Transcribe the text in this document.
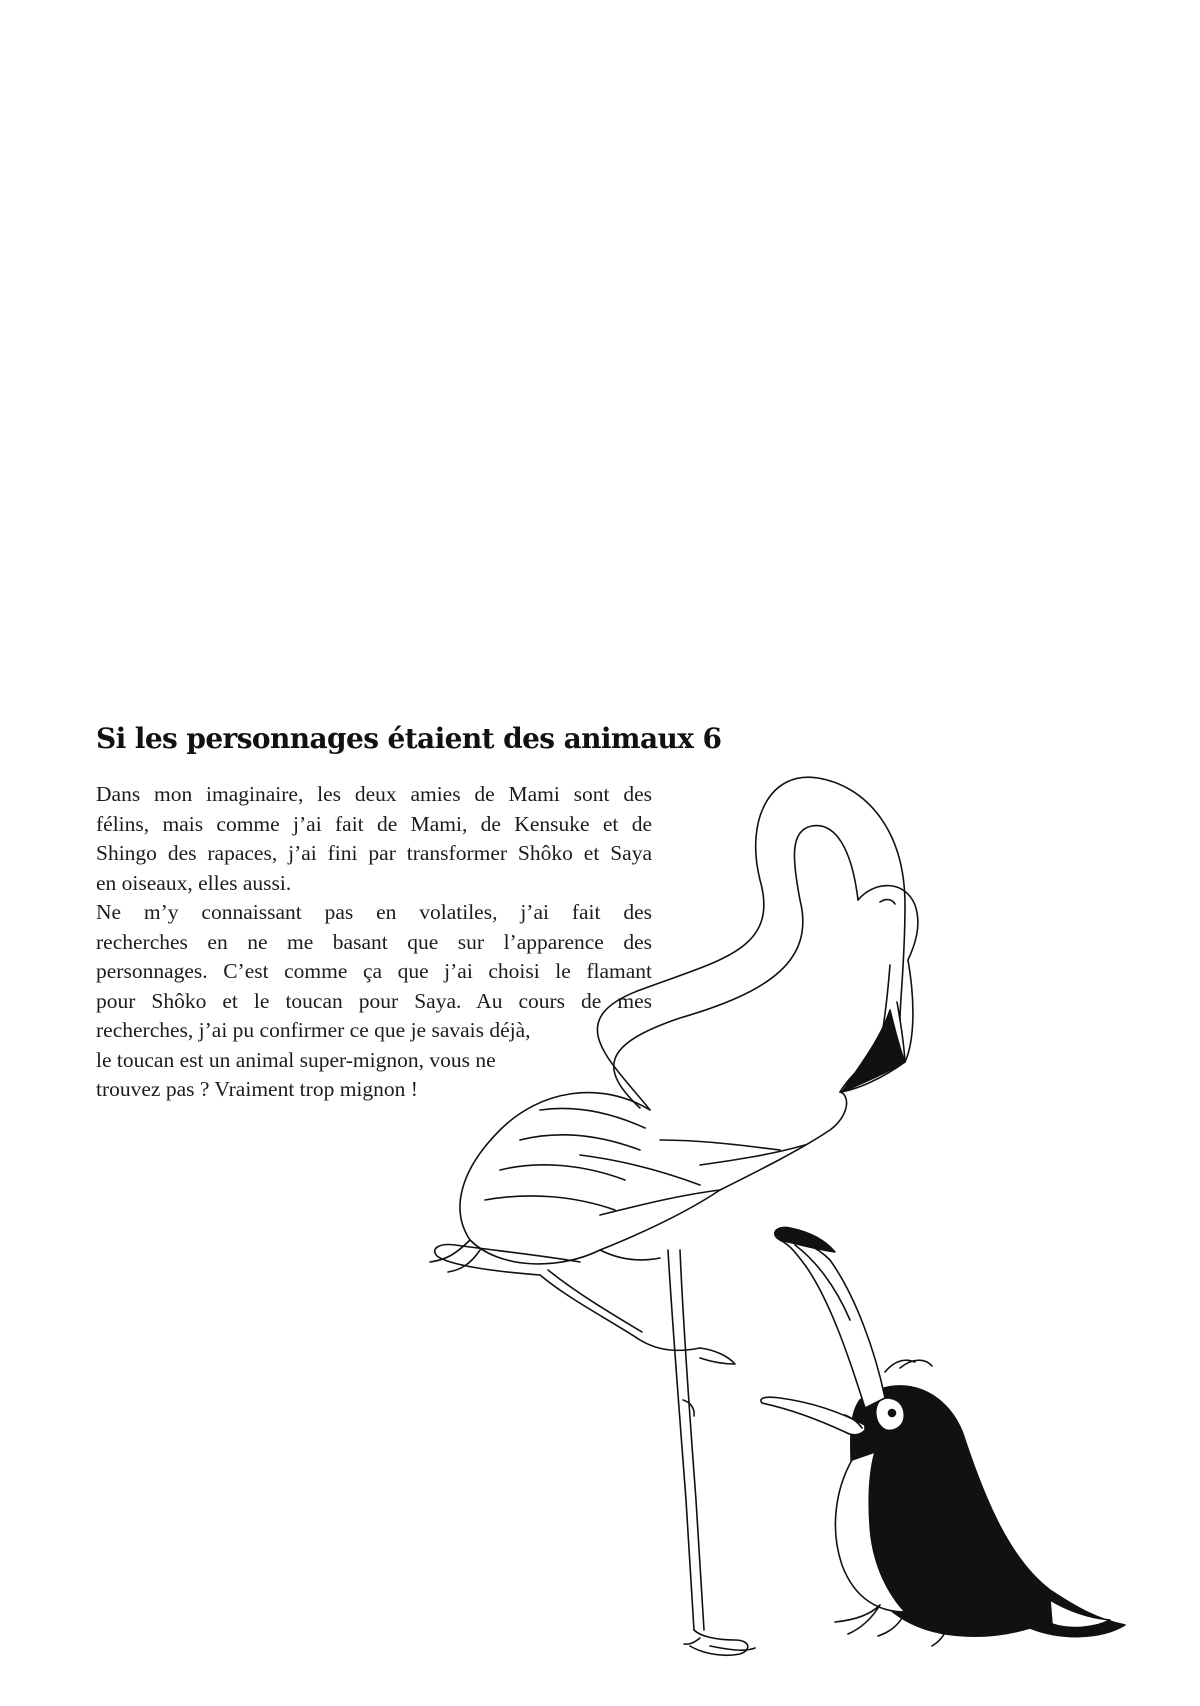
Si les personnages étaient des animaux 6
Dans mon imaginaire, les deux amies de Mami sont des
félins, mais comme j’ai fait de Mami, de Kensuke et de
Shingo des rapaces, j’ai fini par transformer Shôko et Saya
en oiseaux, elles aussi.
Ne m’y connaissant pas en volatiles, j’ai fait des
recherches en ne me basant que sur l’apparence des
personnages. C’est comme ça que j’ai choisi le flamant
pour Shôko et le toucan pour Saya. Au cours de mes
recherches, j’ai pu confirmer ce que je savais déjà,
le toucan est un animal super-mignon, vous ne
trouvez pas ? Vraiment trop mignon !
